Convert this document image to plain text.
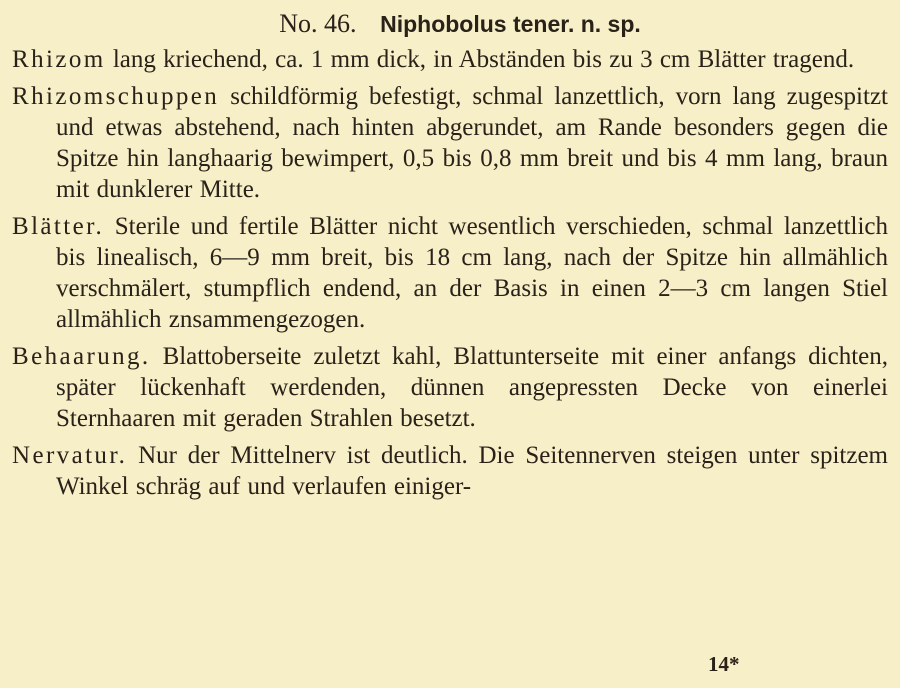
No. 46. Niphobolus tener. n. sp.

Rhizom lang kriechend, ca. 1 mm dick, in Abständen bis zu 3 cm Blätter tragend.

Rhizomschuppen schildförmig befestigt, schmal lanzettlich, vorn lang zugespitzt und etwas abstehend, nach hinten abgerundet, am Rande besonders gegen die Spitze hin langhaarig bewimpert, 0,5 bis 0,8 mm breit und bis 4 mm lang, braun mit dunklerer Mitte.

Blätter. Sterile und fertile Blätter nicht wesentlich verschieden, schmal lanzettlich bis linealisch, 6—9 mm breit, bis 18 cm lang, nach der Spitze hin allmählich verschmälert, stumpflich endend, an der Basis in einen 2—3 cm langen Stiel allmählich znsammengezogen.

Behaarung. Blattoberseite zuletzt kahl, Blattunterseite mit einer anfangs dichten, später lückenhaft werdenden, dünnen angepressten Decke von einerlei Sternhaaren mit geraden Strahlen besetzt.

Nervatur. Nur der Mittelnerv ist deutlich. Die Seitennerven steigen unter spitzem Winkel schräg auf und verlaufen einiger-

14*
